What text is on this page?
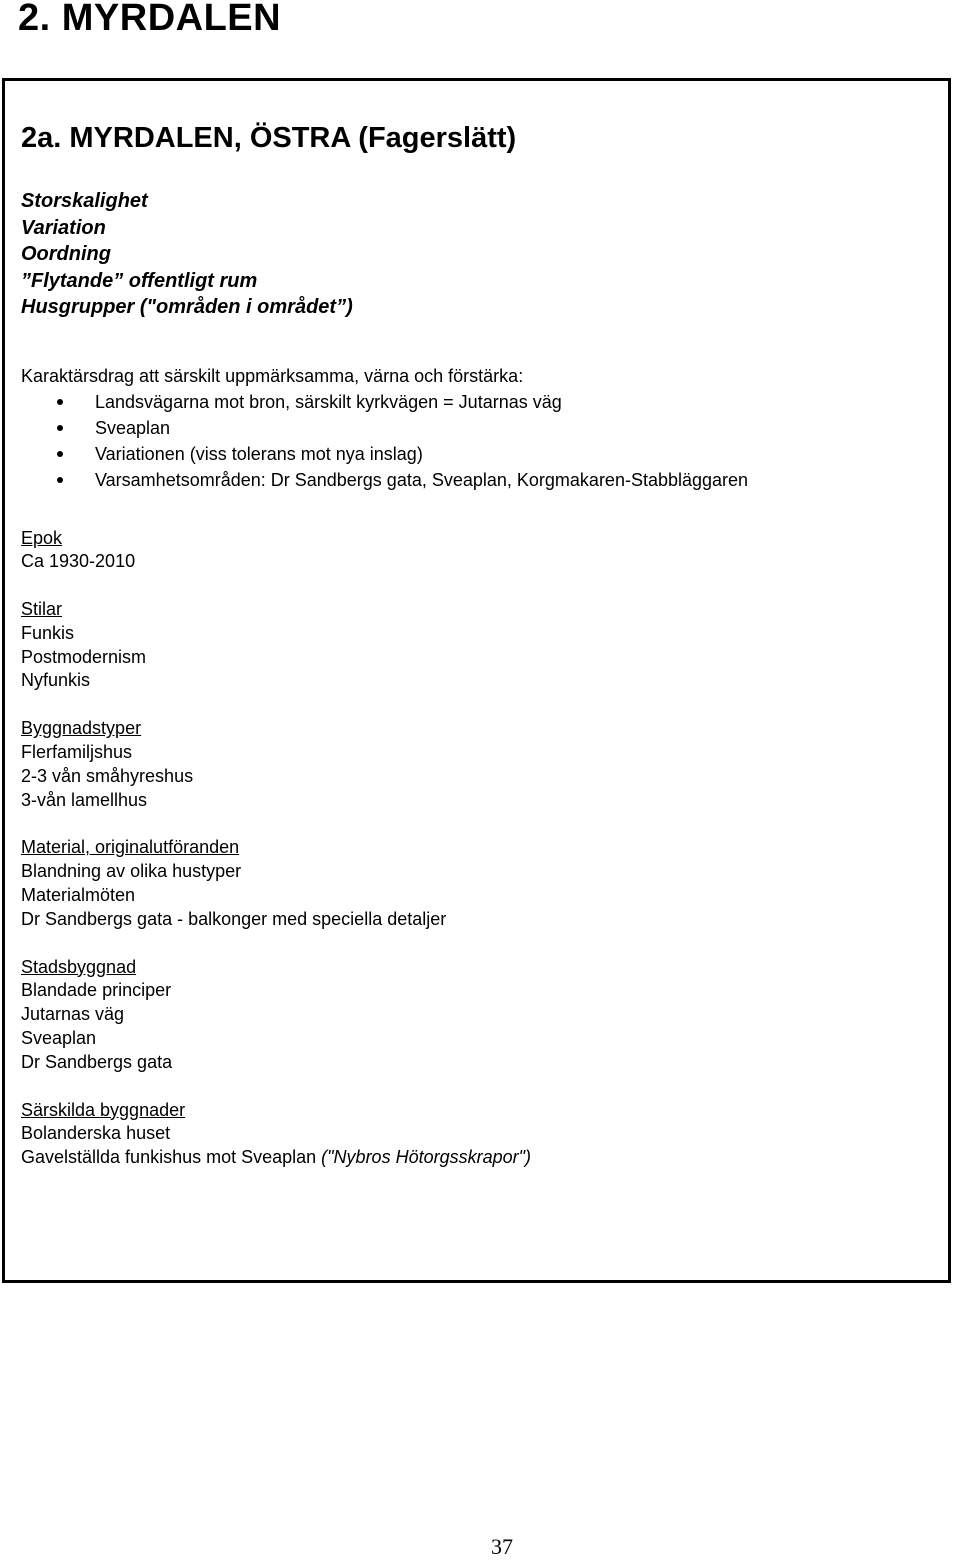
2. MYRDALEN
2a. MYRDALEN, ÖSTRA (Fagerslätt)
Storskalighet
Variation
Oordning
”Flytande” offentligt rum
Husgrupper ("områden i området”)

Karaktärsdrag att särskilt uppmärksamma, värna och förstärka:

Landsvägarna mot bron, särskilt kyrkvägen = Jutarnas väg
Sveaplan
Variationen (viss tolerans mot nya inslag)
Varsamhetsområden: Dr Sandbergs gata, Sveaplan, Korgmakaren-Stabbläggaren
Epok
Ca 1930-2010
Stilar
Funkis
Postmodernism
Nyfunkis
Byggnadstyper
Flerfamiljshus
2-3 vån småhyreshus
3-vån lamellhus
Material, originalutföranden
Blandning av olika hustyper
Materialmöten
Dr Sandbergs gata - balkonger med speciella detaljer
Stadsbyggnad
Blandade principer
Jutarnas väg
Sveaplan
Dr Sandbergs gata
Särskilda byggnader
Bolanderska huset
Gavelställda funkishus mot Sveaplan ("Nybros Hötorgsskrapor")
37
